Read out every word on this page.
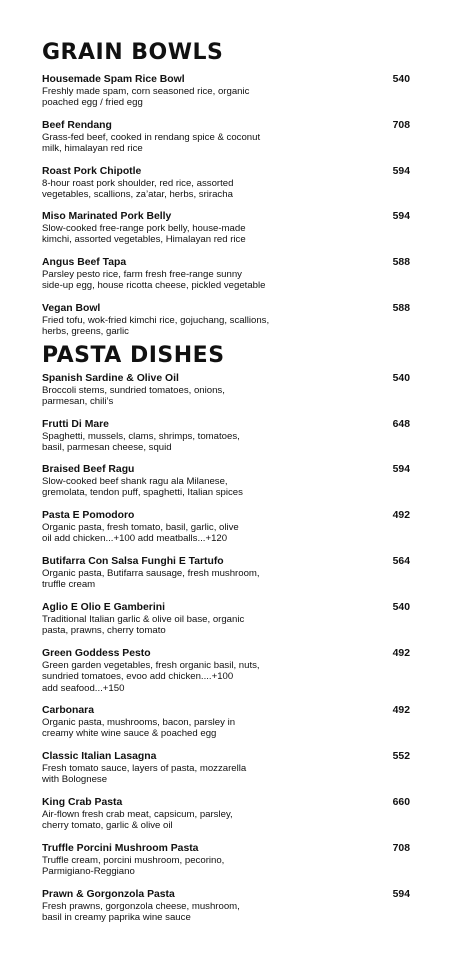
GRAIN BOWLS
Housemade Spam Rice Bowl	540

Freshly made spam, corn seasoned rice, organic
poached egg / fried egg

Beef Rendang	708

Grass-fed beef, cooked in rendang spice & coconut
milk, himalayan red rice

Roast Pork Chipotle	594

8-hour roast pork shoulder, red rice, assorted
vegetables, scallions, za’atar, herbs, sriracha

Miso Marinated Pork Belly	594

Slow-cooked free-range pork belly, house-made
kimchi, assorted vegetables, Himalayan red rice

Angus Beef Tapa	588

Parsley pesto rice, farm fresh free-range sunny
side-up egg, house ricotta cheese, pickled vegetable

Vegan Bowl	588

Fried tofu, wok-fried kimchi rice, gojuchang, scallions,
herbs, greens, garlic

PASTA DISHES
Spanish Sardine & Olive Oil	540

Broccoli stems, sundried tomatoes, onions,
parmesan, chili’s

Frutti Di Mare	648

Spaghetti, mussels, clams, shrimps, tomatoes,
basil, parmesan cheese, squid

Braised Beef Ragu	594

Slow-cooked beef shank ragu ala Milanese,
gremolata, tendon puff, spaghetti, Italian spices

Pasta E Pomodoro	492

Organic pasta, fresh tomato, basil, garlic, olive
oil add chicken...+100 add meatballs...+120

Butifarra Con Salsa Funghi E Tartufo	564

Organic pasta, Butifarra sausage, fresh mushroom,
truffle cream

Aglio E Olio E Gamberini	540

Traditional Italian garlic & olive oil base, organic
pasta, prawns, cherry tomato

Green Goddess Pesto	492

Green garden vegetables, fresh organic basil, nuts,
sundried tomatoes, evoo add chicken....+100
add seafood...+150

Carbonara	492

Organic pasta, mushrooms, bacon, parsley in
creamy white wine sauce & poached egg

Classic Italian Lasagna	552

Fresh tomato sauce, layers of pasta, mozzarella
with Bolognese

King Crab Pasta	660

Air-flown fresh crab meat, capsicum, parsley,
cherry tomato, garlic & olive oil

Truffle Porcini Mushroom Pasta	708

Truffle cream, porcini mushroom, pecorino,
Parmigiano-Reggiano

Prawn & Gorgonzola Pasta	594

Fresh prawns, gorgonzola cheese, mushroom,
basil in creamy paprika wine sauce
